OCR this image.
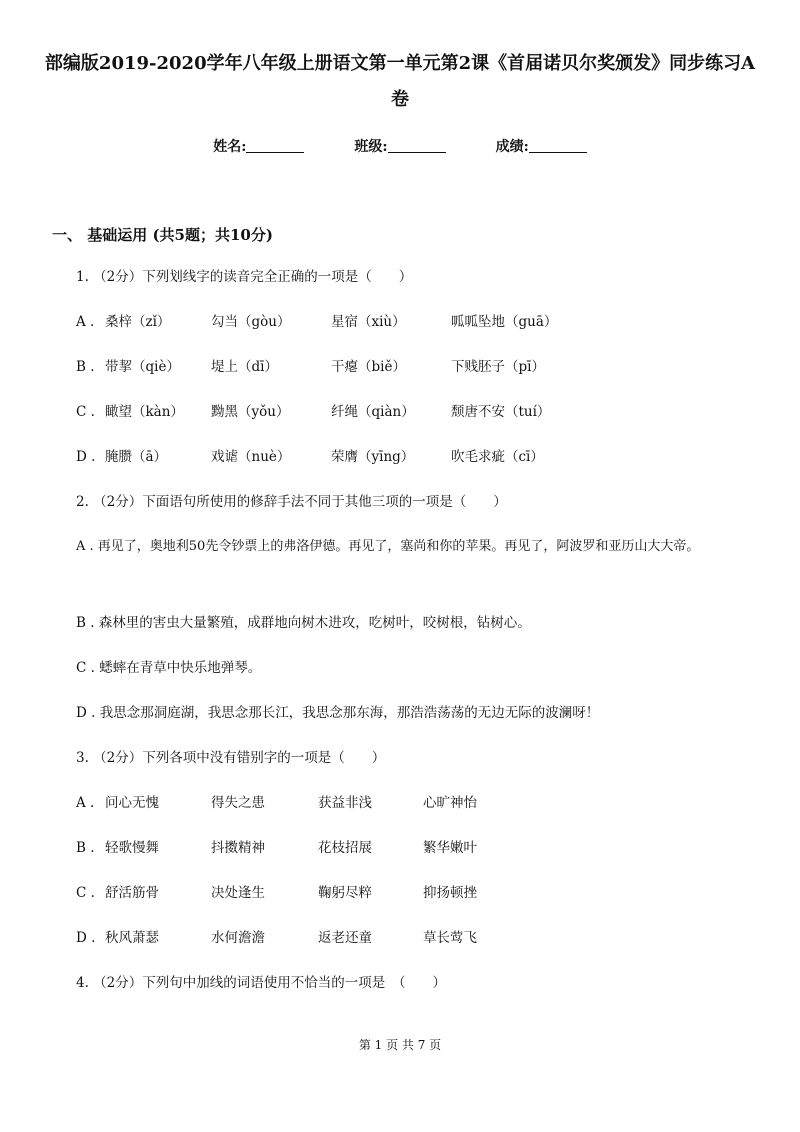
部编版2019-2020学年八年级上册语文第一单元第2课《首届诺贝尔奖颁发》同步练习A卷
姓名:	班级:	成绩:
一、 基础运用 (共5题；共10分)
1. （2分）下列划线字的读音完全正确的一项是（　　）
A . 桑梓（zǐ）	勾当（gòu）	星宿（xiù）	呱呱坠地（guā）
B . 带挈（qiè） 堤上（dī）	干瘪（biě）	下贱胚子（pī）
C . 瞰望（kàn） 黝黑（yǒu）	纤绳（qiàn）	颓唐不安（tuí）
D . 腌臜（ā）	戏谑（nuè）	荣膺（yīng）	吹毛求疵（cī）
2. （2分）下面语句所使用的修辞手法不同于其他三项的一项是（　　）
A . 再见了，奥地利50先令钞票上的弗洛伊德。再见了，塞尚和你的苹果。再见了，阿波罗和亚历山大大帝。
B . 森林里的害虫大量繁殖，成群地向树木进攻，吃树叶，咬树根，钻树心。
C . 蟋蟀在青草中快乐地弹琴。
D . 我思念那洞庭湖，我思念那长江，我思念那东海，那浩浩荡荡的无边无际的波澜呀！
3. （2分）下列各项中没有错别字的一项是（　　）
A . 问心无愧	得失之患	获益非浅	心旷神怡
B . 轻歌慢舞	抖擞精神	花枝招展	繁华嫩叶
C . 舒活筋骨	决处逢生	鞠躬尽粹	抑扬顿挫
D . 秋风萧瑟	水何澹澹	返老还童	草长莺飞
4. （2分）下列句中加线的词语使用不恰当的一项是　（　　）
第 1 页 共 7 页
